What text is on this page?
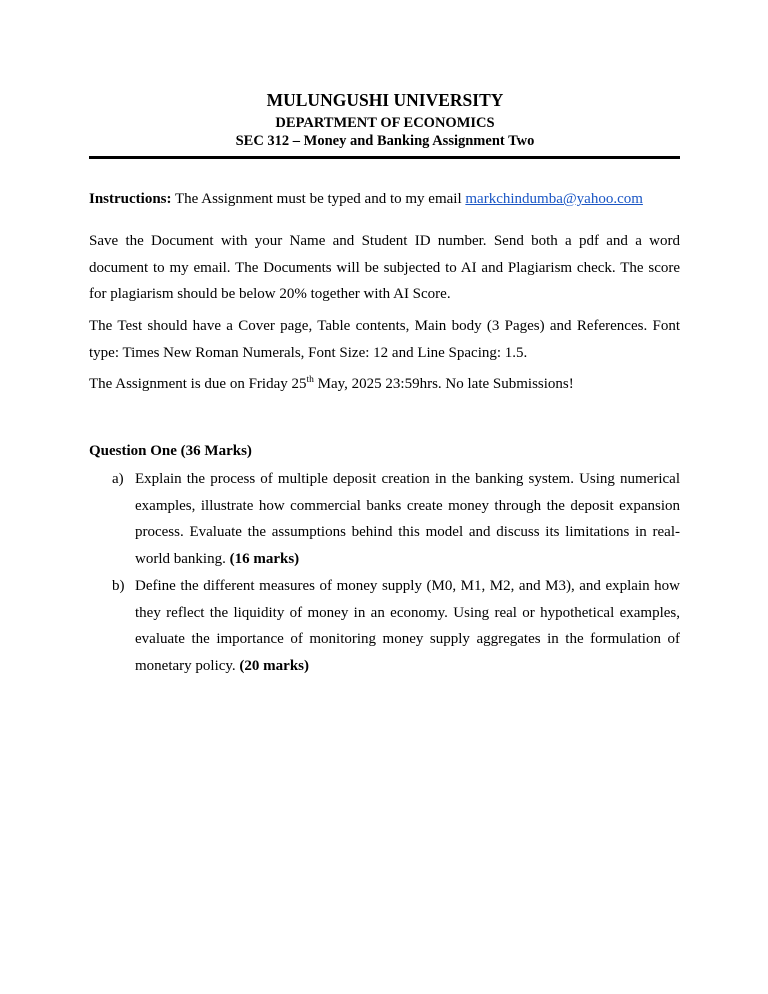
MULUNGUSHI UNIVERSITY
DEPARTMENT OF ECONOMICS
SEC 312 – Money and Banking Assignment Two

Instructions: The Assignment must be typed and to my email markchindumba@yahoo.com

Save the Document with your Name and Student ID number. Send both a pdf and a word document to my email. The Documents will be subjected to AI and Plagiarism check. The score for plagiarism should be below 20% together with AI Score.

The Test should have a Cover page, Table contents, Main body (3 Pages) and References. Font type: Times New Roman Numerals, Font Size: 12 and Line Spacing: 1.5.

The Assignment is due on Friday 25th May, 2025 23:59hrs. No late Submissions!

Question One (36 Marks)

a) Explain the process of multiple deposit creation in the banking system. Using numerical examples, illustrate how commercial banks create money through the deposit expansion process. Evaluate the assumptions behind this model and discuss its limitations in real-world banking. (16 marks)
b) Define the different measures of money supply (M0, M1, M2, and M3), and explain how they reflect the liquidity of money in an economy. Using real or hypothetical examples, evaluate the importance of monitoring money supply aggregates in the formulation of monetary policy. (20 marks)
